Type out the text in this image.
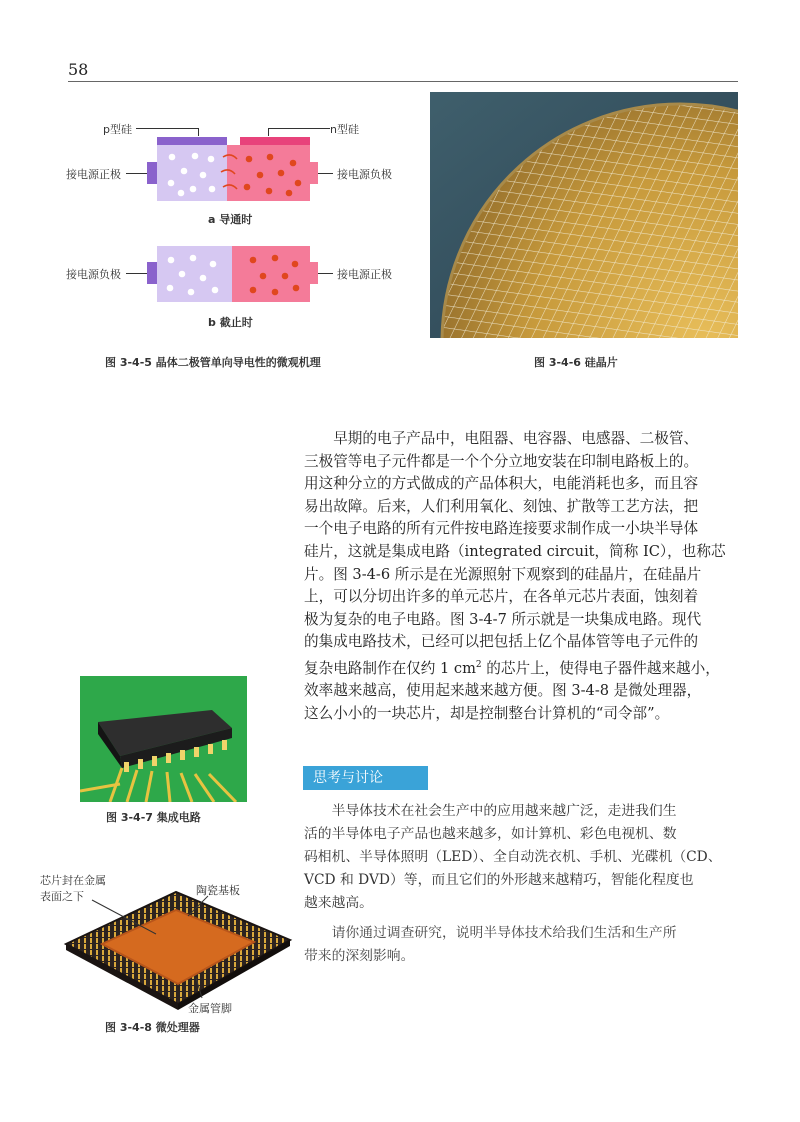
58
p型硅	n型硅
接电源正极	接电源负极
a 导通时
接电源负极	接电源正极
b 截止时
图 3-4-5 晶体二极管单向导电性的微观机理	图 3-4-6 硅晶片
图 3-4-7 集成电路
芯片封在金属
表面之下	陶瓷基板
金属管脚
图 3-4-8 微处理器
　　早期的电子产品中，电阻器、电容器、电感器、二极管、
三极管等电子元件都是一个个分立地安装在印制电路板上的。
用这种分立的方式做成的产品体积大，电能消耗也多，而且容
易出故障。后来，人们利用氧化、刻蚀、扩散等工艺方法，把
一个电子电路的所有元件按电路连接要求制作成一小块半导体
硅片，这就是集成电路（integrated circuit，简称 IC），也称芯
片。图 3-4-6 所示是在光源照射下观察到的硅晶片，在硅晶片
上，可以分切出许多的单元芯片，在各单元芯片表面，蚀刻着
极为复杂的电子电路。图 3-4-7 所示就是一块集成电路。现代
的集成电路技术，已经可以把包括上亿个晶体管等电子元件的
复杂电路制作在仅约 1 $cm^2$ 的芯片上，使得电子器件越来越小，
效率越来越高，使用起来越来越方便。图 3-4-8 是微处理器，
这么小小的一块芯片，却是控制整台计算机的“司令部”。
思考与讨论
　　半导体技术在社会生产中的应用越来越广泛，走进我们生
活的半导体电子产品也越来越多，如计算机、彩色电视机、数
码相机、半导体照明（LED）、全自动洗衣机、手机、光碟机（CD、
VCD 和 DVD）等，而且它们的外形越来越精巧，智能化程度也
越来越高。
　　请你通过调查研究，说明半导体技术给我们生活和生产所
带来的深刻影响。
